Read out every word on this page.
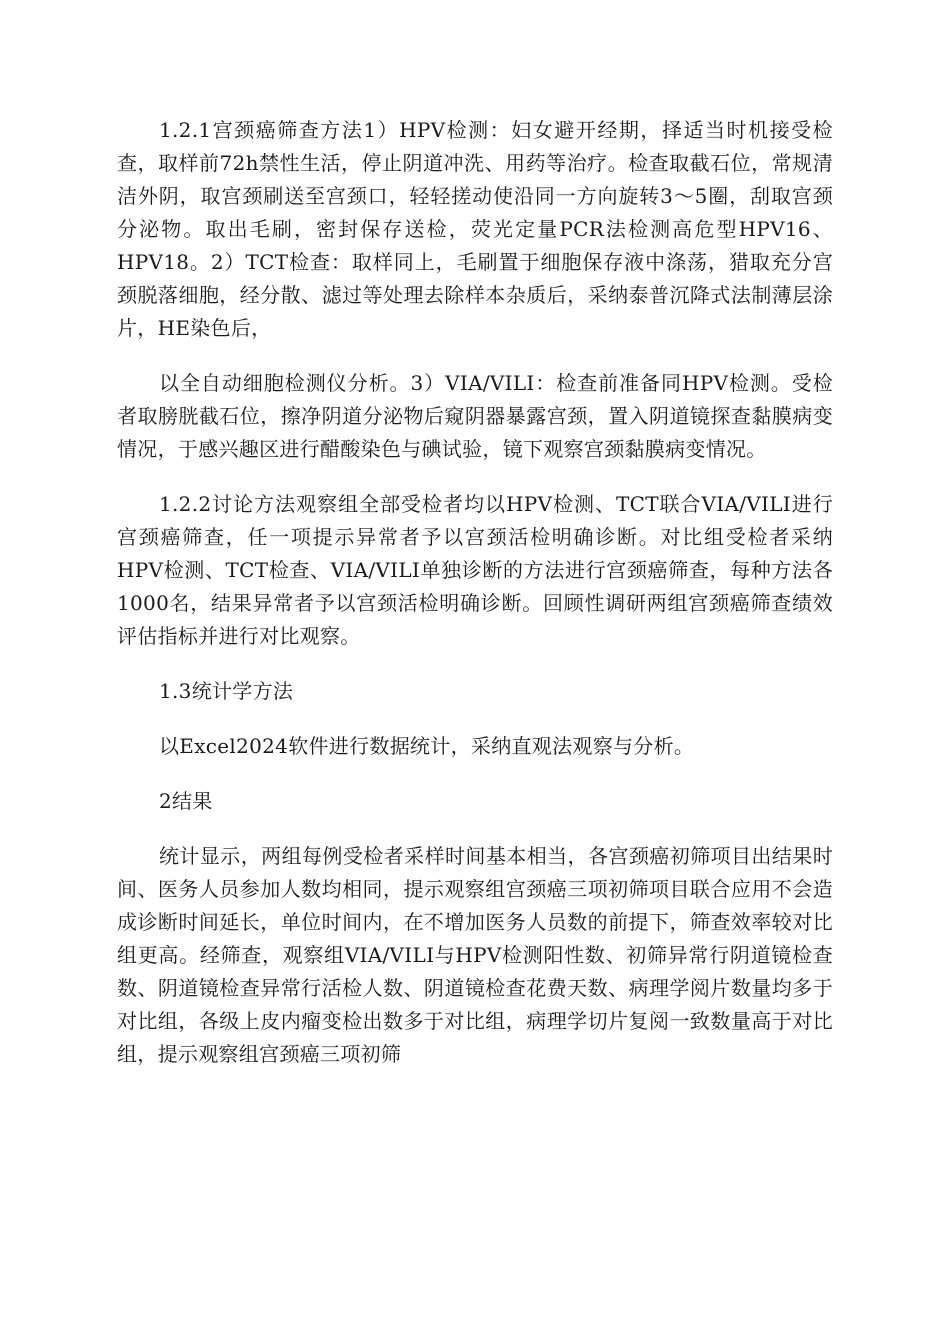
1.2.1宫颈癌筛查方法1）HPV检测：妇女避开经期，择适当时机接受检查，取样前72h禁性生活，停止阴道冲洗、用药等治疗。检查取截石位，常规清洁外阴，取宫颈刷送至宫颈口，轻轻搓动使沿同一方向旋转3～5圈，刮取宫颈分泌物。取出毛刷，密封保存送检，荧光定量PCR法检测高危型HPV16、HPV18。2）TCT检查：取样同上，毛刷置于细胞保存液中涤荡，猎取充分宫颈脱落细胞，经分散、滤过等处理去除样本杂质后，采纳泰普沉降式法制薄层涂片，HE染色后，

以全自动细胞检测仪分析。3）VIA/VILI：检查前准备同HPV检测。受检者取膀胱截石位，擦净阴道分泌物后窥阴器暴露宫颈，置入阴道镜探查黏膜病变情况，于感兴趣区进行醋酸染色与碘试验，镜下观察宫颈黏膜病变情况。

1.2.2讨论方法观察组全部受检者均以HPV检测、TCT联合VIA/VILI进行宫颈癌筛查，任一项提示异常者予以宫颈活检明确诊断。对比组受检者采纳HPV检测、TCT检查、VIA/VILI单独诊断的方法进行宫颈癌筛查，每种方法各1000名，结果异常者予以宫颈活检明确诊断。回顾性调研两组宫颈癌筛查绩效评估指标并进行对比观察。

1.3统计学方法

以Excel2024软件进行数据统计，采纳直观法观察与分析。

2结果

统计显示，两组每例受检者采样时间基本相当，各宫颈癌初筛项目出结果时间、医务人员参加人数均相同，提示观察组宫颈癌三项初筛项目联合应用不会造成诊断时间延长，单位时间内，在不增加医务人员数的前提下，筛查效率较对比组更高。经筛查，观察组VIA/VILI与HPV检测阳性数、初筛异常行阴道镜检查数、阴道镜检查异常行活检人数、阴道镜检查花费天数、病理学阅片数量均多于对比组，各级上皮内瘤变检出数多于对比组，病理学切片复阅一致数量高于对比组，提示观察组宫颈癌三项初筛
